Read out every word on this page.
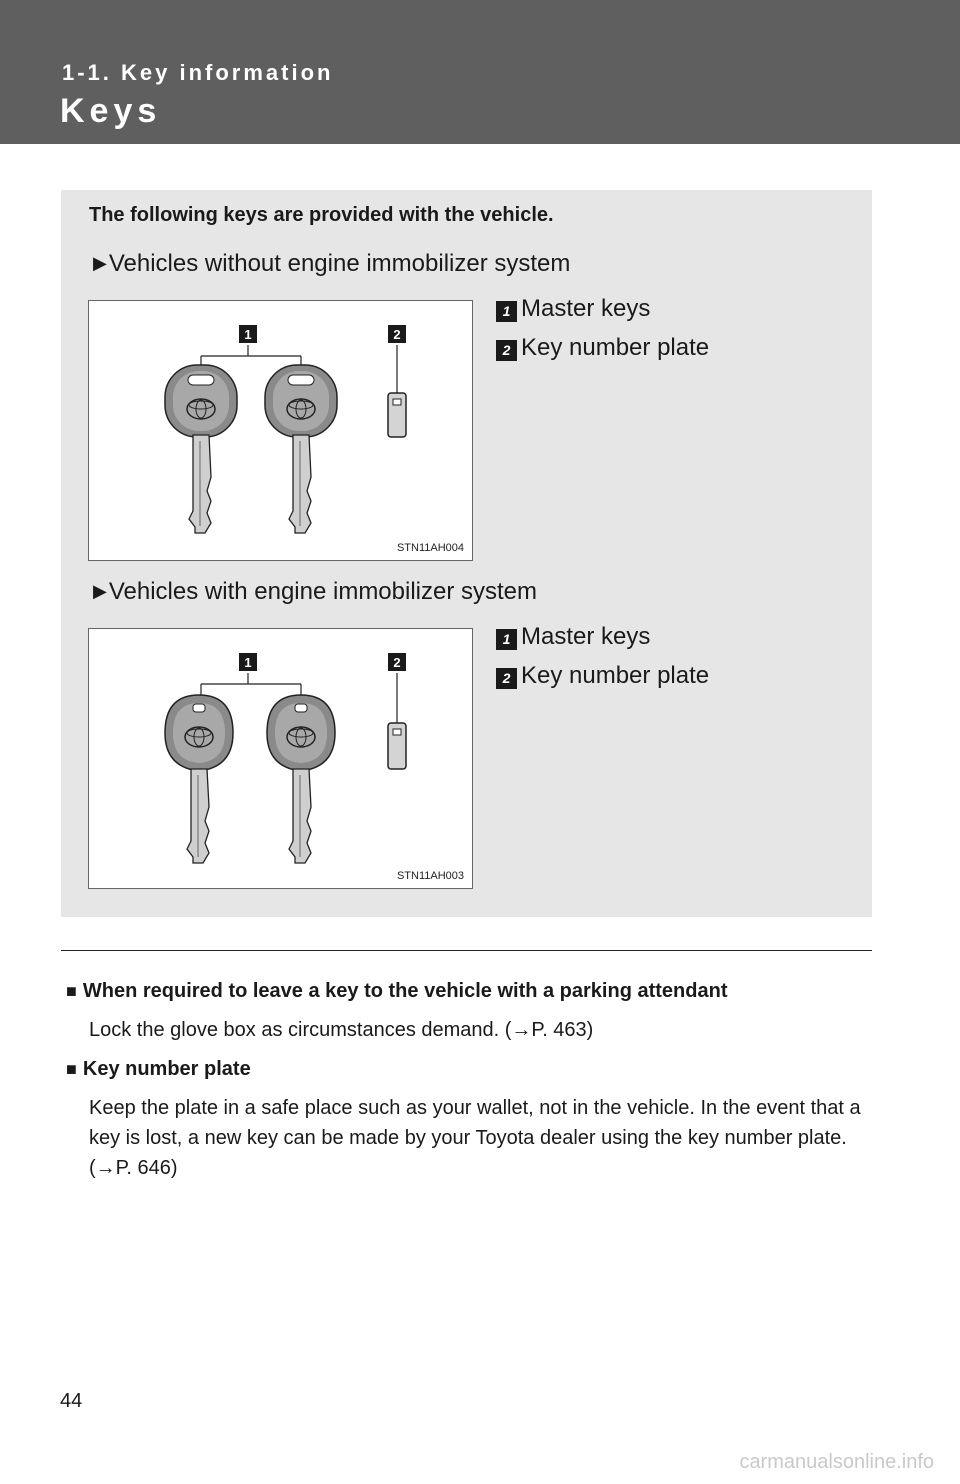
1-1. Key information
Keys
The following keys are provided with the vehicle.
▶Vehicles without engine immobilizer system
1	2
STN11AH004
1 Master keys
2 Key number plate
▶Vehicles with engine immobilizer system
1	2
STN11AH003
1 Master keys
2 Key number plate
■ When required to leave a key to the vehicle with a parking attendant
Lock the glove box as circumstances demand. (→P. 463)
■ Key number plate
Keep the plate in a safe place such as your wallet, not in the vehicle. In the event that a key is lost, a new key can be made by your Toyota dealer using the key number plate. (→P. 646)
44
carmanualsonline.info
